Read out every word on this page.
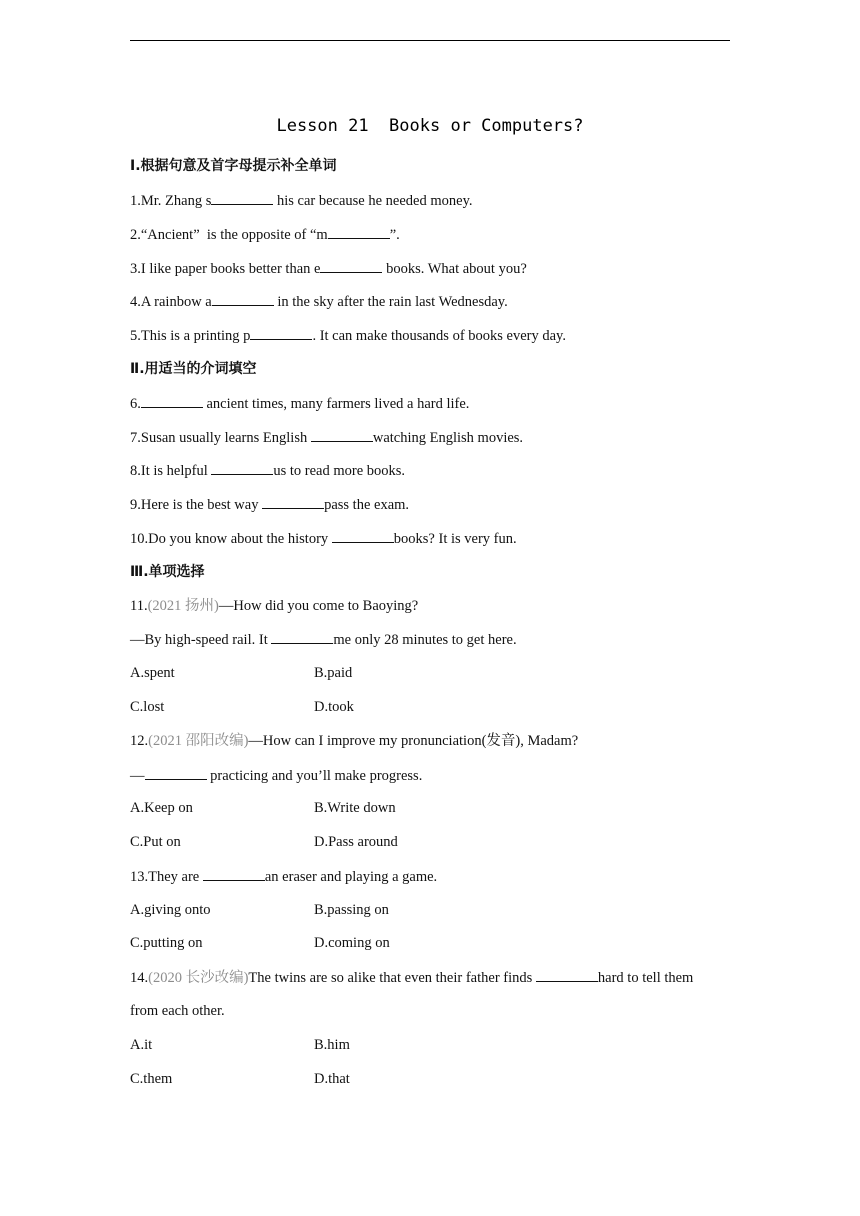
Lesson 21  Books or Computers?
Ⅰ.根据句意及首字母提示补全单词
1.Mr. Zhang s	his car because he needed money.
2.“Ancient”  is the opposite of “m	”.
3.I like paper books better than e	books. What about you?
4.A rainbow a	in the sky after the rain last Wednesday.
5.This is a printing p	. It can make thousands of books every day.
Ⅱ.用适当的介词填空
6.	ancient times, many farmers lived a hard life.
7.Susan usually learns English	watching English movies.
8.It is helpful	us to read more books.
9.Here is the best way	pass the exam.
10.Do you know about the history	books? It is very fun.
Ⅲ.单项选择
11.(2021 扬州)—How did you come to Baoying?
—By high-speed rail. It	me only 28 minutes to get here.
A.spent	B.paid
C.lost	D.took
12.(2021 邵阳改编)—How can I improve my pronunciation(发音), Madam?
—	practicing and you’ll make progress.
A.Keep on	B.Write down
C.Put on	D.Pass around
13.They are	an eraser and playing a game.
A.giving onto	B.passing on
C.putting on	D.coming on
14.(2020 长沙改编)The twins are so alike that even their father finds	hard to tell them
from each other.
A.it	B.him
C.them	D.that
